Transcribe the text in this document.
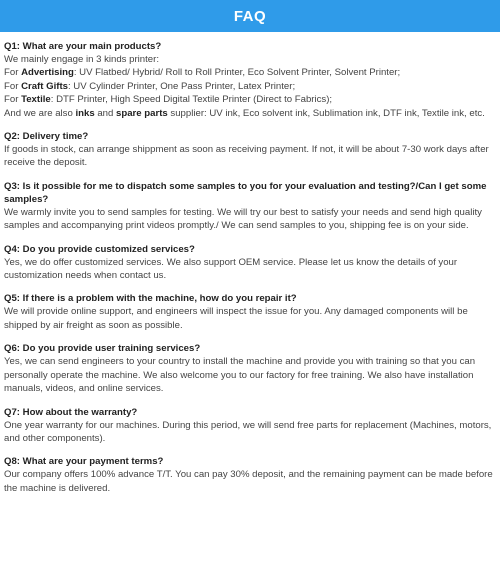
FAQ
Q1: What are your main products?
We mainly engage in 3 kinds printer:
For Advertising: UV Flatbed/ Hybrid/ Roll to Roll Printer, Eco Solvent Printer, Solvent Printer;
For Craft Gifts: UV Cylinder Printer, One Pass Printer, Latex Printer;
For Textile: DTF Printer, High Speed Digital Textile Printer (Direct to Fabrics);
And we are also inks and spare parts supplier: UV ink, Eco solvent ink, Sublimation ink, DTF ink, Textile ink, etc.
Q2: Delivery time?
If goods in stock, can arrange shippment as soon as receiving payment. If not, it will be about 7-30 work days after receive the deposit.
Q3: Is it possible for me to dispatch some samples to you for your evaluation and testing?/Can I get some samples?
We warmly invite you to send samples for testing. We will try our best to satisfy your needs and send high quality samples and accompanying print videos promptly./ We can send samples to you, shipping fee is on your side.
Q4: Do you provide customized services?
Yes, we do offer customized services. We also support OEM service. Please let us know the details of your customization needs when contact us.
Q5: If there is a problem with the machine, how do you repair it?
We will provide online support, and engineers will inspect the issue for you. Any damaged components will be shipped by air freight as soon as possible.
Q6: Do you provide user training services?
Yes, we can send engineers to your country to install the machine and provide you with training so that you can personally operate the machine. We also welcome you to our factory for free training. We also have installation manuals, videos, and online services.
Q7: How about the warranty?
One year warranty for our machines. During this period, we will send free parts for replacement (Machines, motors, and other components).
Q8: What are your payment terms?
Our company offers 100% advance T/T. You can pay 30% deposit, and the remaining payment can be made before the machine is delivered.
